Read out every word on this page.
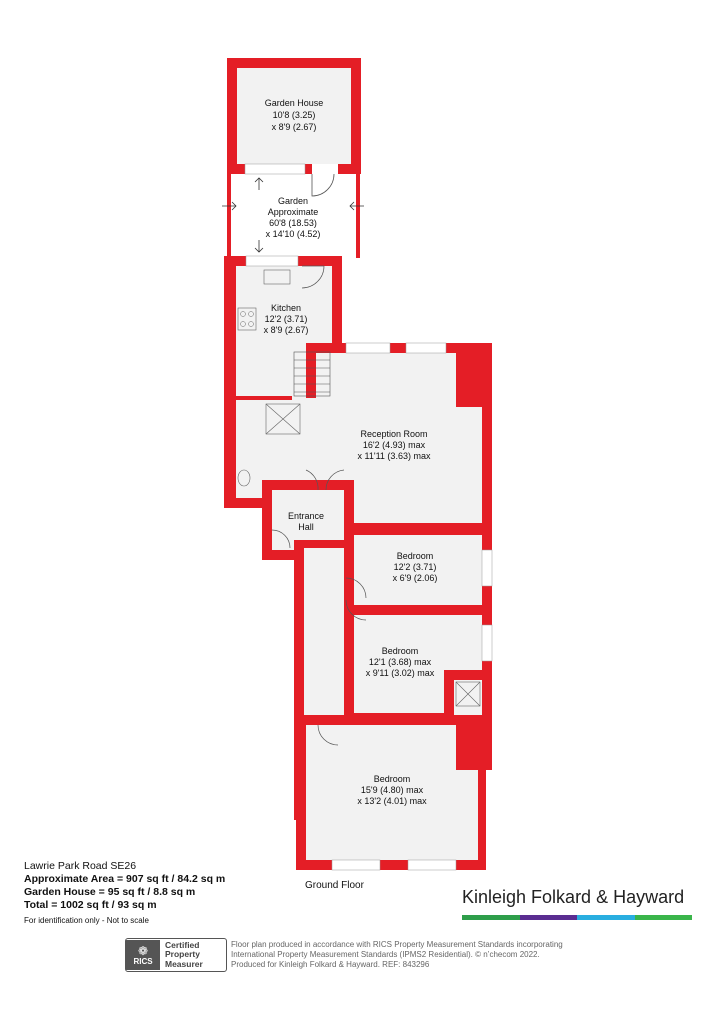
Garden House
10'8 (3.25)
x 8'9 (2.67)
Garden
Approximate
60'8 (18.53)
x 14'10 (4.52)
Kitchen
12'2 (3.71)
x 8'9 (2.67)
Reception Room
16'2 (4.93) max
x 11'11 (3.63) max
Entrance
Hall
Bedroom
12'2 (3.71)
x 6'9 (2.06)
Bedroom
12'1 (3.68) max
x 9'11 (3.02) max
Bedroom
15'9 (4.80) max
x 13'2 (4.01) max
Ground Floor
Lawrie Park Road SE26
Approximate Area = 907 sq ft / 84.2 sq m
Garden House = 95 sq ft / 8.8 sq m
Total = 1002 sq ft / 93 sq m
For identification only - Not to scale
Kinleigh Folkard & Hayward
❁
RICS
Certified
Property
Measurer
Floor plan produced in accordance with RICS Property Measurement Standards incorporating
International Property Measurement Standards (IPMS2 Residential). © n’checom 2022.
Produced for Kinleigh Folkard & Hayward. REF: 843296
